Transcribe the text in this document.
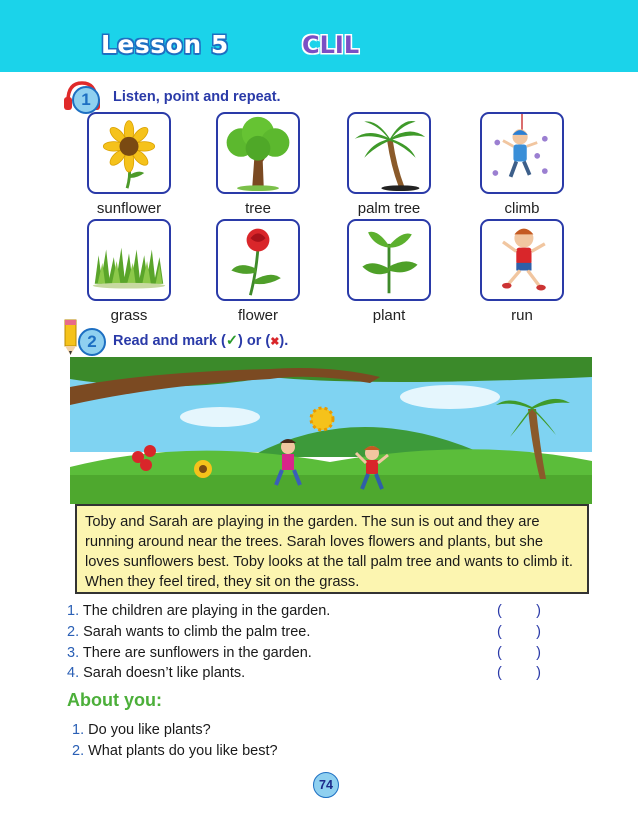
Lesson 5	CLIL
1	Listen, point and repeat.
sunflower	tree	palm tree	climb
grass	flower	plant	run
2	Read and mark (✓) or (✖).
Toby and Sarah are playing in the garden. The sun is out and they are running around near the trees. Sarah loves flowers and plants, but she loves sunflowers best. Toby looks at the tall palm tree and wants to climb it. When they feel tired, they sit on the grass.
1. The children are playing in the garden.	( )
2. Sarah wants to climb the palm tree.	( )
3. There are sunflowers in the garden.	( )
4. Sarah doesn’t like plants.	( )
About you:
1. Do you like plants?
2. What plants do you like best?
74
